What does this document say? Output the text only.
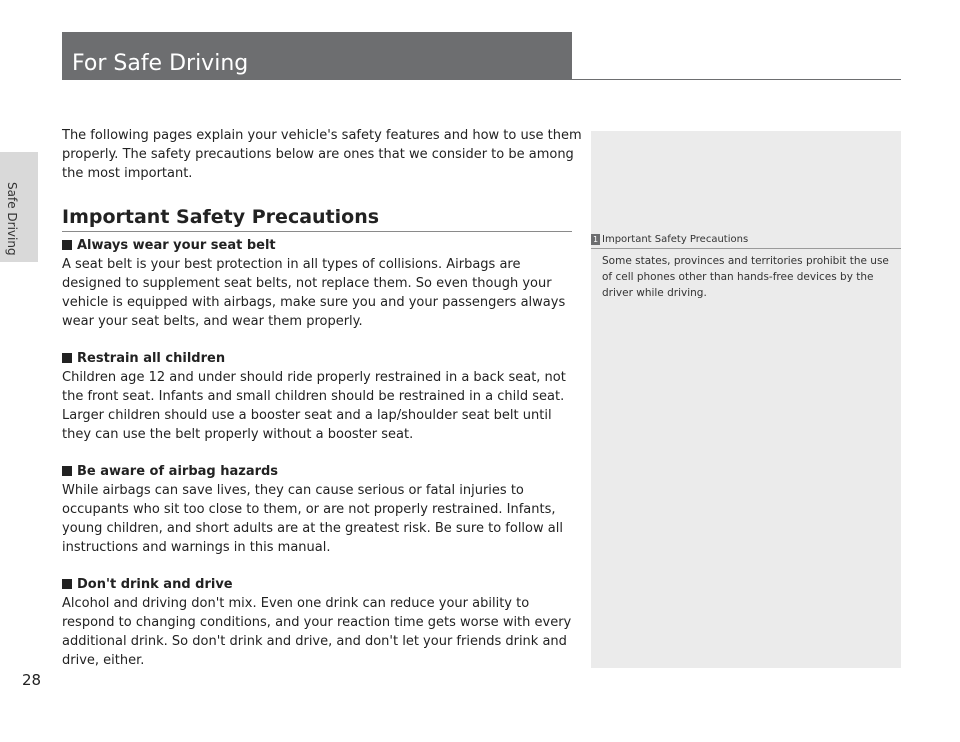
Safe Driving
28
For Safe Driving
The following pages explain your vehicle's safety features and how to use them properly. The safety precautions below are ones that we consider to be among the most important.
Important Safety Precautions
Always wear your seat belt
A seat belt is your best protection in all types of collisions. Airbags are designed to supplement seat belts, not replace them. So even though your vehicle is equipped with airbags, make sure you and your passengers always wear your seat belts, and wear them properly.
Restrain all children
Children age 12 and under should ride properly restrained in a back seat, not the front seat. Infants and small children should be restrained in a child seat. Larger children should use a booster seat and a lap/shoulder seat belt until they can use the belt properly without a booster seat.
Be aware of airbag hazards
While airbags can save lives, they can cause serious or fatal injuries to occupants who sit too close to them, or are not properly restrained. Infants, young children, and short adults are at the greatest risk. Be sure to follow all instructions and warnings in this manual.
Don't drink and drive
Alcohol and driving don't mix. Even one drink can reduce your ability to respond to changing conditions, and your reaction time gets worse with every additional drink. So don't drink and drive, and don't let your friends drink and drive, either.
1 Important Safety Precautions
Some states, provinces and territories prohibit the use of cell phones other than hands-free devices by the driver while driving.
